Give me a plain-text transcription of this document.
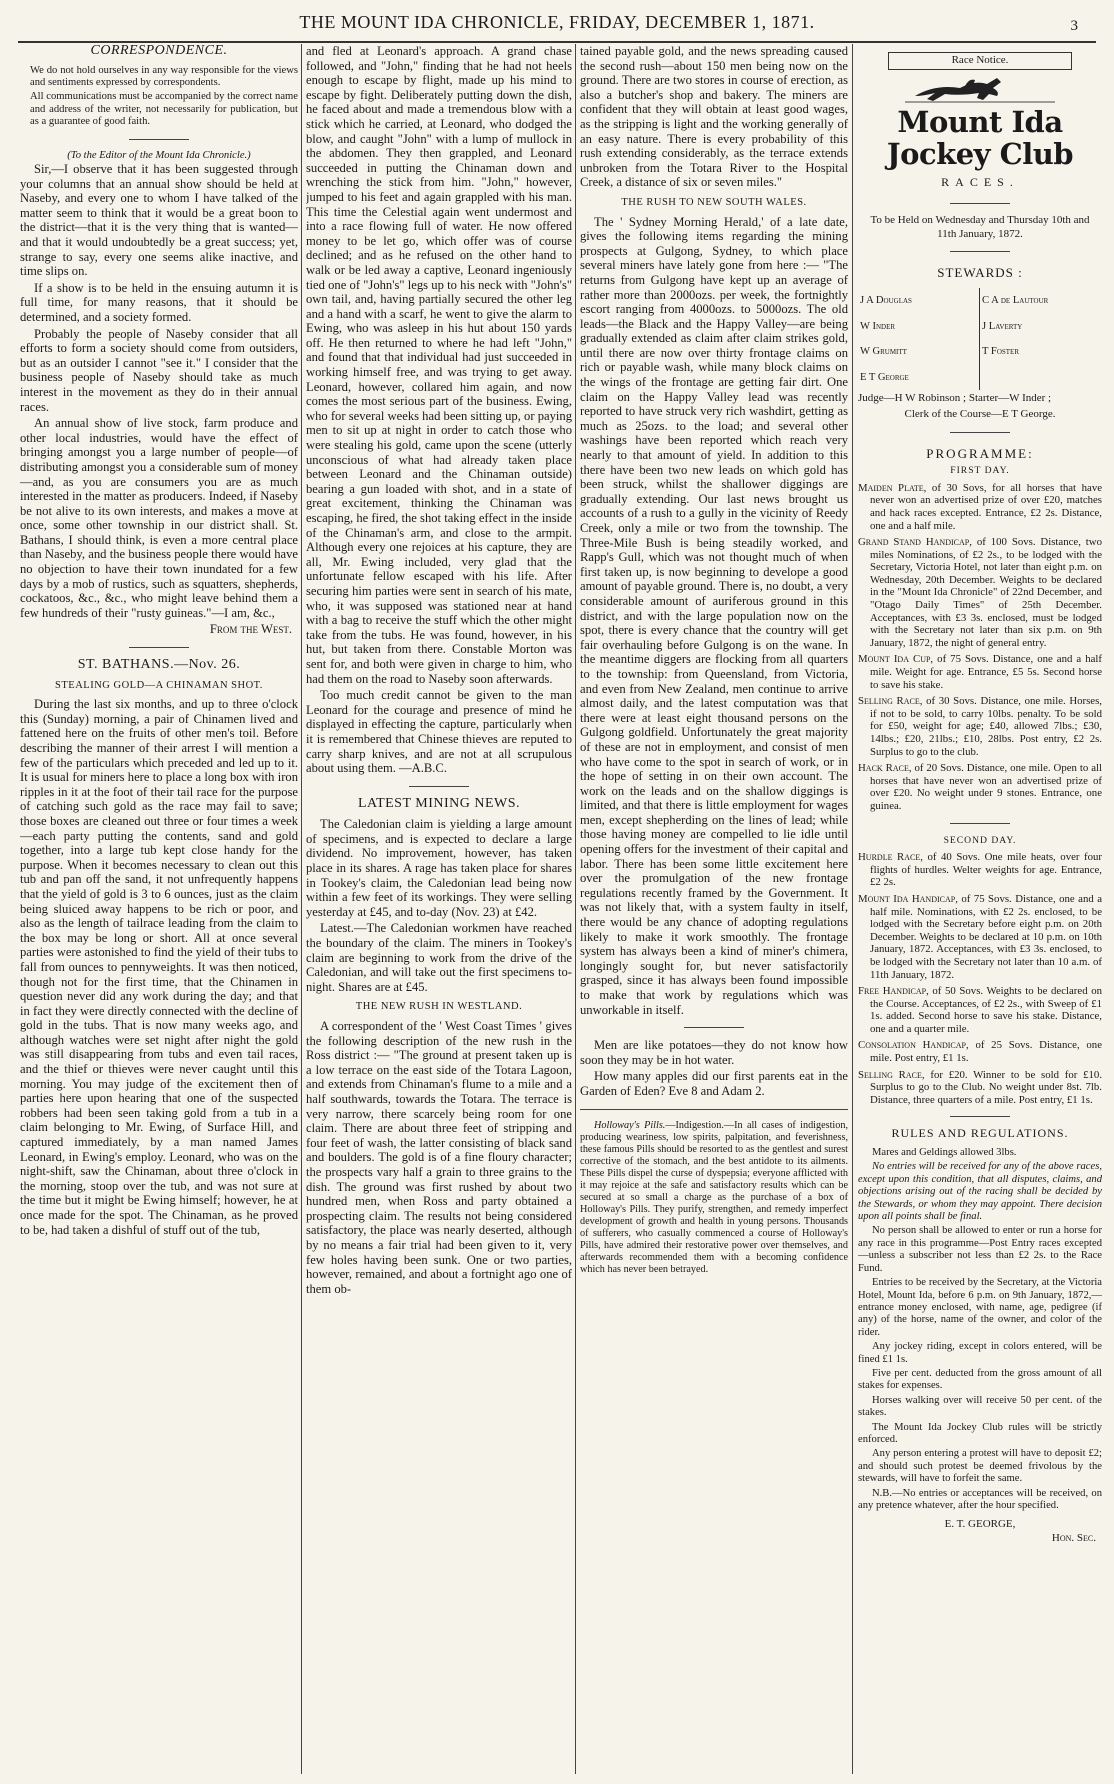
THE MOUNT IDA CHRONICLE, FRIDAY, DECEMBER 1, 1871.	3
CORRESPONDENCE.

We do not hold ourselves in any way responsible for the views and sentiments expressed by correspondents.

All communications must be accompanied by the correct name and address of the writer, not necessarily for publication, but as a guarantee of good faith.

(To the Editor of the Mount Ida Chronicle.)

Sir,—I observe that it has been suggested through your columns that an annual show should be held at Naseby, and every one to whom I have talked of the matter seem to think that it would be a great boon to the district—that it is the very thing that is wanted—and that it would undoubtedly be a great success; yet, strange to say, every one seems alike inactive, and time slips on.

If a show is to be held in the ensuing autumn it is full time, for many reasons, that it should be determined, and a society formed.

Probably the people of Naseby consider that all efforts to form a society should come from outsiders, but as an outsider I cannot "see it." I consider that the business people of Naseby should take as much interest in the movement as they do in their annual races.

An annual show of live stock, farm produce and other local industries, would have the effect of bringing amongst you a large number of people—of distributing amongst you a considerable sum of money—and, as you are consumers you are as much interested in the matter as producers. Indeed, if Naseby be not alive to its own interests, and makes a move at once, some other township in our district shall. St. Bathans, I should think, is even a more central place than Naseby, and the business people there would have no objection to have their town inundated for a few days by a mob of rustics, such as squatters, shepherds, cockatoos, &c., &c., who might leave behind them a few hundreds of their "rusty guineas."—I am, &c.,

From the West.
ST. BATHANS.—Nov. 26.
STEALING GOLD—A CHINAMAN SHOT.

During the last six months, and up to three o'clock this (Sunday) morning, a pair of Chinamen lived and fattened here on the fruits of other men's toil. Before describing the manner of their arrest I will mention a few of the particulars which preceded and led up to it. It is usual for miners here to place a long box with iron ripples in it at the foot of their tail race for the purpose of catching such gold as the race may fail to save; those boxes are cleaned out three or four times a week—each party putting the contents, sand and gold together, into a large tub kept close handy for the purpose. When it becomes necessary to clean out this tub and pan off the sand, it not unfrequently happens that the yield of gold is 3 to 6 ounces, just as the claim being sluiced away happens to be rich or poor, and also as the length of tailrace leading from the claim to the box may be long or short. All at once several parties were astonished to find the yield of their tubs to fall from ounces to pennyweights. It was then noticed, though not for the first time, that the Chinamen in question never did any work during the day; and that in fact they were directly connected with the decline of gold in the tubs. That is now many weeks ago, and although watches were set night after night the gold was still disappearing from tubs and even tail races, and the thief or thieves were never caught until this morning. You may judge of the excitement then of parties here upon hearing that one of the suspected robbers had been seen taking gold from a tub in a claim belonging to Mr. Ewing, of Surface Hill, and captured immediately, by a man named James Leonard, in Ewing's employ. Leonard, who was on the night-shift, saw the Chinaman, about three o'clock in the morning, stoop over the tub, and was not sure at the time but it might be Ewing himself; however, he at once made for the spot. The Chinaman, as he proved to be, had taken a dishful of stuff out of the tub,

and fled at Leonard's approach. A grand chase followed, and "John," finding that he had not heels enough to escape by flight, made up his mind to escape by fight. Deliberately putting down the dish, he faced about and made a tremendous blow with a stick which he carried, at Leonard, who dodged the blow, and caught "John" with a lump of mullock in the abdomen. They then grappled, and Leonard succeeded in putting the Chinaman down and wrenching the stick from him. "John," however, jumped to his feet and again grappled with his man. This time the Celestial again went undermost and into a race flowing full of water. He now offered money to be let go, which offer was of course declined; and as he refused on the other hand to walk or be led away a captive, Leonard ingeniously tied one of "John's" legs up to his neck with "John's" own tail, and, having partially secured the other leg and a hand with a scarf, he went to give the alarm to Ewing, who was asleep in his hut about 150 yards off. He then returned to where he had left "John," and found that that individual had just succeeded in working himself free, and was trying to get away. Leonard, however, collared him again, and now comes the most serious part of the business. Ewing, who for several weeks had been sitting up, or paying men to sit up at night in order to catch those who were stealing his gold, came upon the scene (utterly unconscious of what had already taken place between Leonard and the Chinaman outside) bearing a gun loaded with shot, and in a state of great excitement, thinking the Chinaman was escaping, he fired, the shot taking effect in the inside of the Chinaman's arm, and close to the armpit. Although every one rejoices at his capture, they are all, Mr. Ewing included, very glad that the unfortunate fellow escaped with his life. After securing him parties were sent in search of his mate, who, it was supposed was stationed near at hand with a bag to receive the stuff which the other might take from the tubs. He was found, however, in his hut, but taken from there. Constable Morton was sent for, and both were given in charge to him, who had them on the road to Naseby soon afterwards.

Too much credit cannot be given to the man Leonard for the courage and presence of mind he displayed in effecting the capture, particularly when it is remembered that Chinese thieves are reputed to carry sharp knives, and are not at all scrupulous about using them. —A.B.C.

LATEST MINING NEWS.

The Caledonian claim is yielding a large amount of specimens, and is expected to declare a large dividend. No improvement, however, has taken place in its shares. A rage has taken place for shares in Tookey's claim, the Caledonian lead being now within a few feet of its workings. They were selling yesterday at £45, and to-day (Nov. 23) at £42.

Latest.—The Caledonian workmen have reached the boundary of the claim. The miners in Tookey's claim are beginning to work from the drive of the Caledonian, and will take out the first specimens to-night. Shares are at £45.

THE NEW RUSH IN WESTLAND.

A correspondent of the ' West Coast Times ' gives the following description of the new rush in the Ross district :— "The ground at present taken up is a low terrace on the east side of the Totara Lagoon, and extends from Chinaman's flume to a mile and a half southwards, towards the Totara. The terrace is very narrow, there scarcely being room for one claim. There are about three feet of stripping and four feet of wash, the latter consisting of black sand and boulders. The gold is of a fine floury character; the prospects vary half a grain to three grains to the dish. The ground was first rushed by about two hundred men, when Ross and party obtained a prospecting claim. The results not being considered satisfactory, the place was nearly deserted, although by no means a fair trial had been given to it, very few holes having been sunk. One or two parties, however, remained, and about a fortnight ago one of them ob-

tained payable gold, and the news spreading caused the second rush—about 150 men being now on the ground. There are two stores in course of erection, as also a butcher's shop and bakery. The miners are confident that they will obtain at least good wages, as the stripping is light and the working generally of an easy nature. There is every probability of this rush extending considerably, as the terrace extends unbroken from the Totara River to the Hospital Creek, a distance of six or seven miles."

THE RUSH TO NEW SOUTH WALES.

The ' Sydney Morning Herald,' of a late date, gives the following items regarding the mining prospects at Gulgong, Sydney, to which place several miners have lately gone from here :— "The returns from Gulgong have kept up an average of rather more than 2000ozs. per week, the fortnightly escort ranging from 4000ozs. to 5000ozs. The old leads—the Black and the Happy Valley—are being gradually extended as claim after claim strikes gold, until there are now over thirty frontage claims on rich or payable wash, while many block claims on the wings of the frontage are getting fair dirt. One claim on the Happy Valley lead was recently reported to have struck very rich washdirt, getting as much as 25ozs. to the load; and several other washings have been reported which reach very nearly to that amount of yield. In addition to this there have been two new leads on which gold has been struck, whilst the shallower diggings are gradually extending. Our last news brought us accounts of a rush to a gully in the vicinity of Reedy Creek, only a mile or two from the township. The Three-Mile Bush is being steadily worked, and Rapp's Gull, which was not thought much of when first taken up, is now beginning to develope a good amount of payable ground. There is, no doubt, a very considerable amount of auriferous ground in this district, and with the large population now on the spot, there is every chance that the country will get fair overhauling before Gulgong is on the wane. In the meantime diggers are flocking from all quarters to the township: from Queensland, from Victoria, and even from New Zealand, men continue to arrive almost daily, and the latest computation was that there were at least eight thousand persons on the Gulgong goldfield. Unfortunately the great majority of these are not in employment, and consist of men who have come to the spot in search of work, or in the hope of setting in on their own account. The work on the leads and on the shallow diggings is limited, and that there is little employment for wages men, except shepherding on the lines of lead; while those having money are compelled to lie idle until opening offers for the investment of their capital and labor. There has been some little excitement here over the promulgation of the new frontage regulations recently framed by the Government. It was not likely that, with a system faulty in itself, there would be any chance of adopting regulations likely to make it work smoothly. The frontage system has always been a kind of miner's chimera, longingly sought for, but never satisfactorily grasped, since it has always been found impossible to make that work by regulations which was unworkable in itself.

Men are like potatoes—they do not know how soon they may be in hot water.

How many apples did our first parents eat in the Garden of Eden? Eve 8 and Adam 2.

Holloway's Pills.—Indigestion.—In all cases of indigestion, producing weariness, low spirits, palpitation, and feverishness, these famous Pills should be resorted to as the gentlest and surest corrective of the stomach, and the best antidote to its ailments. These Pills dispel the curse of dyspepsia; everyone afflicted with it may rejoice at the safe and satisfactory results which can be secured at so small a charge as the purchase of a box of Holloway's Pills. They purify, strengthen, and remedy imperfect development of growth and health in young persons. Thousands of sufferers, who casually commenced a course of Holloway's Pills, have admired their restorative power over themselves, and afterwards recommended them with a becoming confidence which has never been betrayed.

Race Notice.
Mount Ida Jockey Club
RACES.
To be Held on Wednesday and Thursday 10th and 11th January, 1872.
STEWARDS :
J A Douglas	C A de Lautour
W Inder	J Laverty
W Grumitt	T Foster
E T George
Judge—H W Robinson ; Starter—W Inder ;
Clerk of the Course—E T George.
PROGRAMME:
FIRST DAY.
Maiden Plate, of 30 Sovs, for all horses that have never won an advertised prize of over £20, matches and hack races excepted. Entrance, £2 2s. Distance, one and a half mile.
Grand Stand Handicap, of 100 Sovs. Distance, two miles Nominations, of £2 2s., to be lodged with the Secretary, Victoria Hotel, not later than eight p.m. on Wednesday, 20th December. Weights to be declared in the "Mount Ida Chronicle" of 22nd December, and "Otago Daily Times" of 25th December. Acceptances, with £3 3s. enclosed, must be lodged with the Secretary not later than six p.m. on 9th January, 1872, the night of general entry.
Mount Ida Cup, of 75 Sovs. Distance, one and a half mile. Weight for age. Entrance, £5 5s. Second horse to save his stake.
Selling Race, of 30 Sovs. Distance, one mile. Horses, if not to be sold, to carry 10lbs. penalty. To be sold for £50, weight for age; £40, allowed 7lbs.; £30, 14lbs.; £20, 21lbs.; £10, 28lbs. Post entry, £2 2s. Surplus to go to the club.
Hack Race, of 20 Sovs. Distance, one mile. Open to all horses that have never won an advertised prize of over £20. No weight under 9 stones. Entrance, one guinea.
SECOND DAY.
Hurdle Race, of 40 Sovs. One mile heats, over four flights of hurdles. Welter weights for age. Entrance, £2 2s.
Mount Ida Handicap, of 75 Sovs. Distance, one and a half mile. Nominations, with £2 2s. enclosed, to be lodged with the Secretary before eight p.m. on 20th December. Weights to be declared at 10 p.m. on 10th January, 1872. Acceptances, with £3 3s. enclosed, to be lodged with the Secretary not later than 10 a.m. of 11th January, 1872.
Free Handicap, of 50 Sovs. Weights to be declared on the Course. Acceptances, of £2 2s., with Sweep of £1 1s. added. Second horse to save his stake. Distance, one and a quarter mile.
Consolation Handicap, of 25 Sovs. Distance, one mile. Post entry, £1 1s.
Selling Race, for £20. Winner to be sold for £10. Surplus to go to the Club. No weight under 8st. 7lb. Distance, three quarters of a mile. Post entry, £1 1s.
RULES AND REGULATIONS.

Mares and Geldings allowed 3lbs.

No entries will be received for any of the above races, except upon this condition, that all disputes, claims, and objections arising out of the racing shall be decided by the Stewards, or whom they may appoint. There decision upon all points shall be final.

No person shall be allowed to enter or run a horse for any race in this programme—Post Entry races excepted—unless a subscriber not less than £2 2s. to the Race Fund.

Entries to be received by the Secretary, at the Victoria Hotel, Mount Ida, before 6 p.m. on 9th January, 1872,—entrance money enclosed, with name, age, pedigree (if any) of the horse, name of the owner, and color of the rider.

Any jockey riding, except in colors entered, will be fined £1 1s.

Five per cent. deducted from the gross amount of all stakes for expenses.

Horses walking over will receive 50 per cent. of the stakes.

The Mount Ida Jockey Club rules will be strictly enforced.

Any person entering a protest will have to deposit £2; and should such protest be deemed frivolous by the stewards, will have to forfeit the same.

N.B.—No entries or acceptances will be received, on any pretence whatever, after the hour specified.

E. T. GEORGE,
Hon. Sec.
